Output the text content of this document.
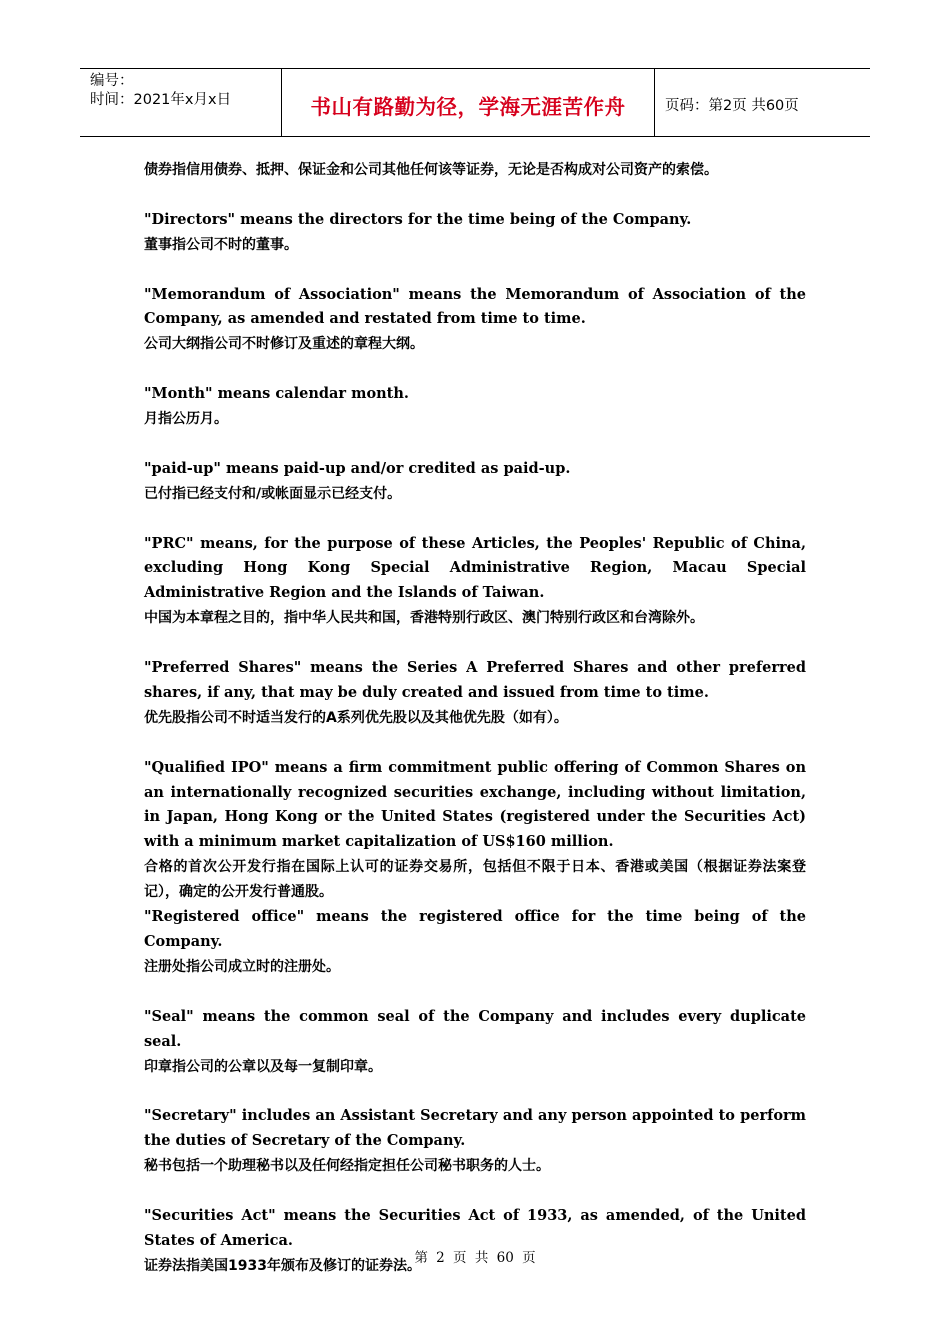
编号：
时间：2021年x月x日	书山有路勤为径，学海无涯苦作舟	页码：第2页 共60页
债券指信用债券、抵押、保证金和公司其他任何该等证券，无论是否构成对公司资产的索偿。
"Directors" means the directors for the time being of the Company.
董事指公司不时的董事。
"Memorandum of Association" means the Memorandum of Association of the Company, as amended and restated from time to time.
公司大纲指公司不时修订及重述的章程大纲。
"Month" means calendar month.
月指公历月。
"paid-up" means paid-up and/or credited as paid-up.
已付指已经支付和/或帐面显示已经支付。
"PRC" means, for the purpose of these Articles, the Peoples' Republic of China, excluding Hong Kong Special Administrative Region, Macau Special Administrative Region and the Islands of Taiwan.
中国为本章程之目的，指中华人民共和国，香港特别行政区、澳门特别行政区和台湾除外。
"Preferred Shares" means the Series A Preferred Shares and other preferred shares, if any, that may be duly created and issued from time to time.
优先股指公司不时适当发行的A系列优先股以及其他优先股（如有）。
"Qualified IPO" means a firm commitment public offering of Common Shares on an internationally recognized securities exchange, including without limitation, in Japan, Hong Kong or the United States (registered under the Securities Act) with a minimum market capitalization of US$160 million.
合格的首次公开发行指在国际上认可的证券交易所，包括但不限于日本、香港或美国（根据证券法案登记），确定的公开发行普通股。
"Registered office" means the registered office for the time being of the Company.
注册处指公司成立时的注册处。
"Seal" means the common seal of the Company and includes every duplicate seal.
印章指公司的公章以及每一复制印章。
"Secretary" includes an Assistant Secretary and any person appointed to perform the duties of Secretary of the Company.
秘书包括一个助理秘书以及任何经指定担任公司秘书职务的人士。
"Securities Act" means the Securities Act of 1933, as amended, of the United States of America.
证券法指美国1933年颁布及修订的证券法。
第 2 页 共 60 页
